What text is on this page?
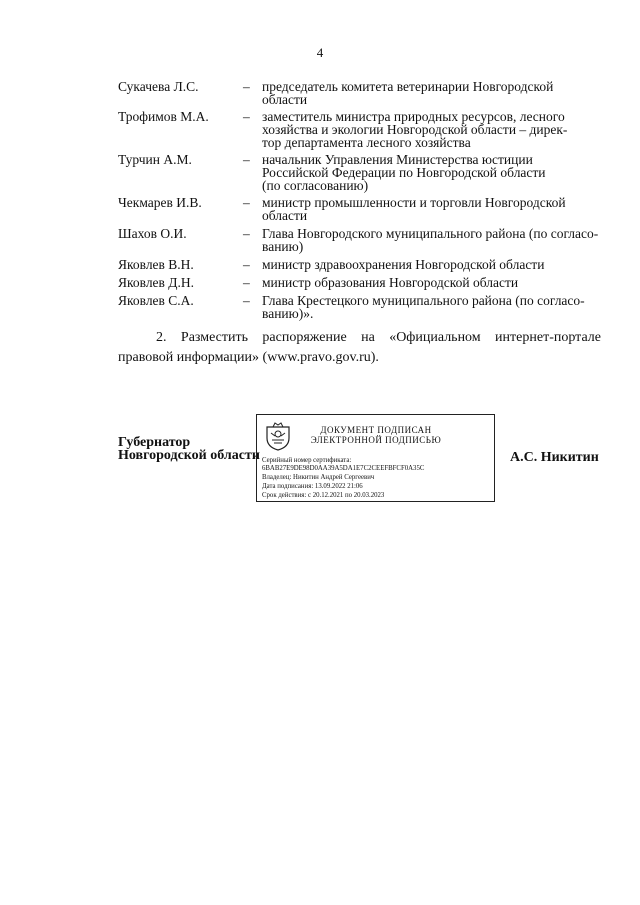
4
Сукачева Л.С.	– председатель комитета ветеринарии Новгородской
области
Трофимов М.А.	– заместитель министра природных ресурсов, лесного
хозяйства и экологии Новгородской области – дирек-
тор департамента лесного хозяйства
Турчин А.М.	– начальник Управления Министерства юстиции
Российской Федерации по Новгородской области
(по согласованию)
Чекмарев И.В.	– министр промышленности и торговли Новгородской
области
Шахов О.И.	– Глава Новгородского муниципального района (по согласо-
ванию)
Яковлев В.Н.	– министр здравоохранения Новгородской области
Яковлев Д.Н.	– министр образования Новгородской области
Яковлев С.А.	– Глава Крестецкого муниципального района (по согласо-
ванию)».
2. Разместить распоряжение на «Официальном интернет-портале правовой информации» (www.pravo.gov.ru).
Губернатор
Новгородской области
ДОКУМЕНТ ПОДПИСАН
ЭЛЕКТРОННОЙ ПОДПИСЬЮ
Серийный номер сертификата:
6BAB27E9DE98D0AA39A5DA1E7C2CEEFBFCF0A35C
Владелец: Никитин Андрей Сергеевич
Дата подписания: 13.09.2022 21:06
Срок действия: с 20.12.2021 по 20.03.2023
А.С. Никитин
